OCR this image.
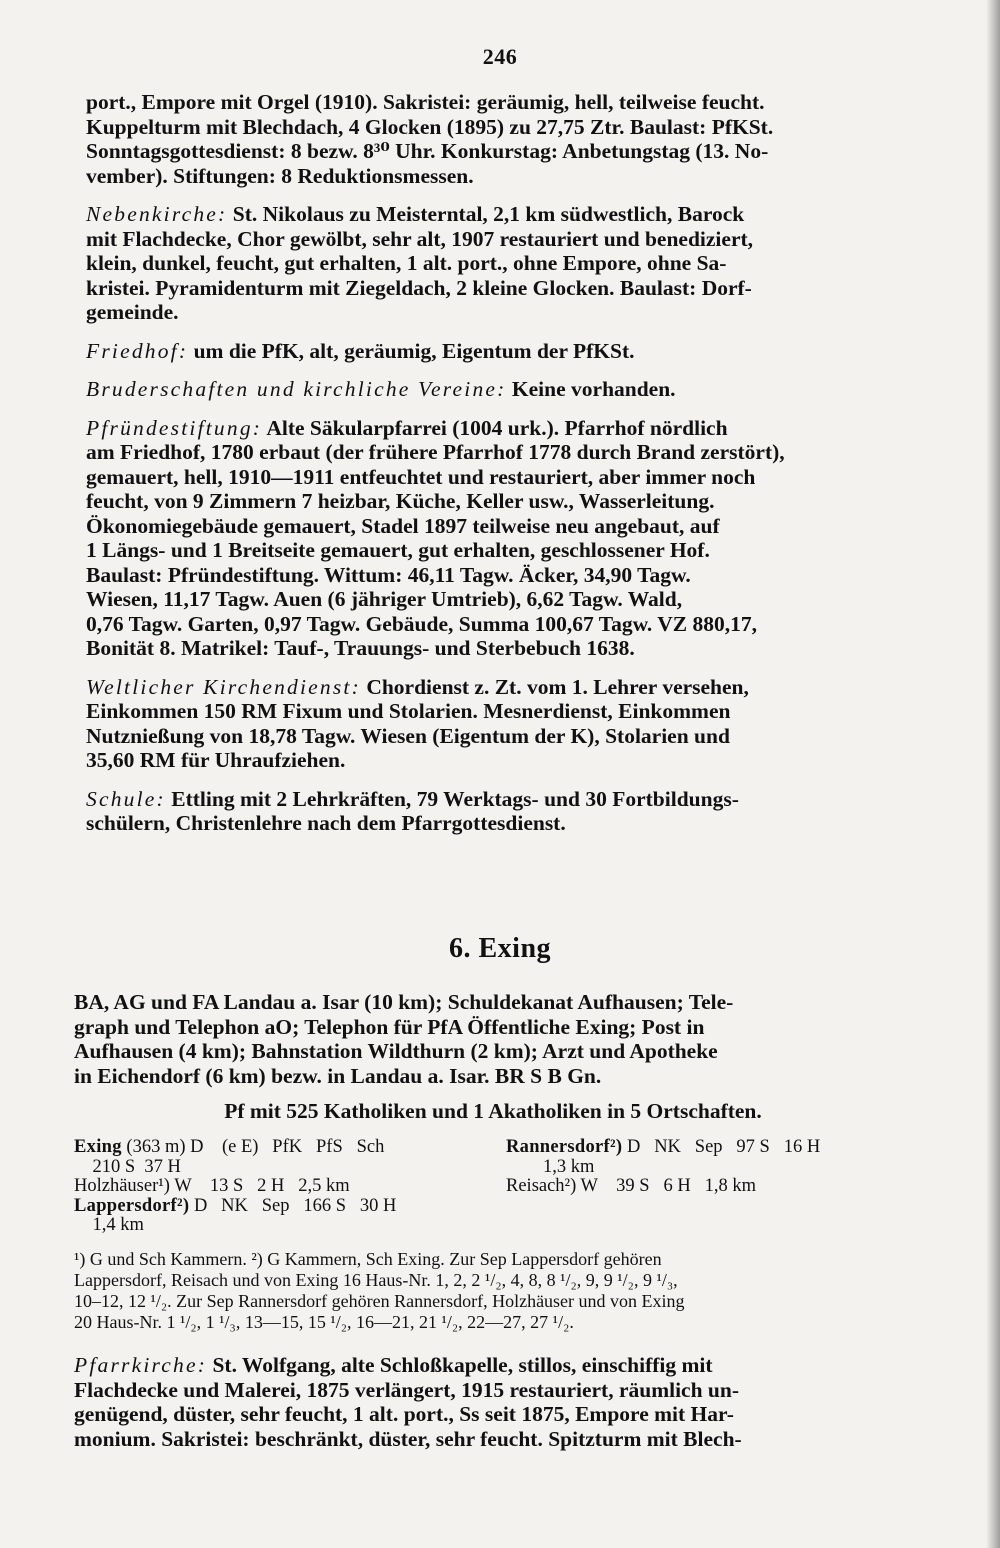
246

port., Empore mit Orgel (1910). Sakristei: geräumig, hell, teilweise feucht.
Kuppelturm mit Blechdach, 4 Glocken (1895) zu 27,75 Ztr. Baulast: PfKSt.
Sonntagsgottesdienst: 8 bezw. 8³⁰ Uhr. Konkurstag: Anbetungstag (13. No-
vember). Stiftungen: 8 Reduktionsmessen.

Nebenkirche: St. Nikolaus zu Meisterntal, 2,1 km südwestlich, Barock
mit Flachdecke, Chor gewölbt, sehr alt, 1907 restauriert und benediziert,
klein, dunkel, feucht, gut erhalten, 1 alt. port., ohne Empore, ohne Sa-
kristei. Pyramidenturm mit Ziegeldach, 2 kleine Glocken. Baulast: Dorf-
gemeinde.

Friedhof: um die PfK, alt, geräumig, Eigentum der PfKSt.

Bruderschaften und kirchliche Vereine: Keine vorhanden.

Pfründestiftung: Alte Säkularpfarrei (1004 urk.). Pfarrhof nördlich
am Friedhof, 1780 erbaut (der frühere Pfarrhof 1778 durch Brand zerstört),
gemauert, hell, 1910—1911 entfeuchtet und restauriert, aber immer noch
feucht, von 9 Zimmern 7 heizbar, Küche, Keller usw., Wasserleitung.
Ökonomiegebäude gemauert, Stadel 1897 teilweise neu angebaut, auf
1 Längs- und 1 Breitseite gemauert, gut erhalten, geschlossener Hof.
Baulast: Pfründestiftung. Wittum: 46,11 Tagw. Äcker, 34,90 Tagw.
Wiesen, 11,17 Tagw. Auen (6 jähriger Umtrieb), 6,62 Tagw. Wald,
0,76 Tagw. Garten, 0,97 Tagw. Gebäude, Summa 100,67 Tagw. VZ 880,17,
Bonität 8. Matrikel: Tauf-, Trauungs- und Sterbebuch 1638.

Weltlicher Kirchendienst: Chordienst z. Zt. vom 1. Lehrer versehen,
Einkommen 150 RM Fixum und Stolarien. Mesnerdienst, Einkommen
Nutznießung von 18,78 Tagw. Wiesen (Eigentum der K), Stolarien und
35,60 RM für Uhraufziehen.

Schule: Ettling mit 2 Lehrkräften, 79 Werktags- und 30 Fortbildungs-
schülern, Christenlehre nach dem Pfarrgottesdienst.

6. Exing

BA, AG und FA Landau a. Isar (10 km); Schuldekanat Aufhausen; Tele-
graph und Telephon aO; Telephon für PfA Öffentliche Exing; Post in
Aufhausen (4 km); Bahnstation Wildthurn (2 km); Arzt und Apotheke
in Eichendorf (6 km) bezw. in Landau a. Isar. BR S B Gn.

Pf mit 525 Katholiken und 1 Akatholiken in 5 Ortschaften.
Exing (363 m) D    (e E)   PfK   PfS   Sch
210 S  37 H
Holzhäuser¹) W    13 S   2 H   2,5 km
Lappersdorf²) D   NK   Sep   166 S   30 H
1,4 km
Rannersdorf²) D   NK   Sep   97 S   16 H
1,3 km
Reisach²) W    39 S   6 H   1,8 km

¹) G und Sch Kammern. ²) G Kammern, Sch Exing. Zur Sep Lappersdorf gehören

Lappersdorf, Reisach und von Exing 16 Haus-Nr. 1, 2, 2 ¹/₂, 4, 8, 8 ¹/₂, 9, 9 ¹/₂, 9 ¹/₃,

10–12, 12 ¹/₂. Zur Sep Rannersdorf gehören Rannersdorf, Holzhäuser und von Exing

20 Haus-Nr. 1 ¹/₂, 1 ¹/₃, 13—15, 15 ¹/₂, 16—21, 21 ¹/₂, 22—27, 27 ¹/₂.

Pfarrkirche: St. Wolfgang, alte Schloßkapelle, stillos, einschiffig mit
Flachdecke und Malerei, 1875 verlängert, 1915 restauriert, räumlich un-
genügend, düster, sehr feucht, 1 alt. port., Ss seit 1875, Empore mit Har-
monium. Sakristei: beschränkt, düster, sehr feucht. Spitzturm mit Blech-
